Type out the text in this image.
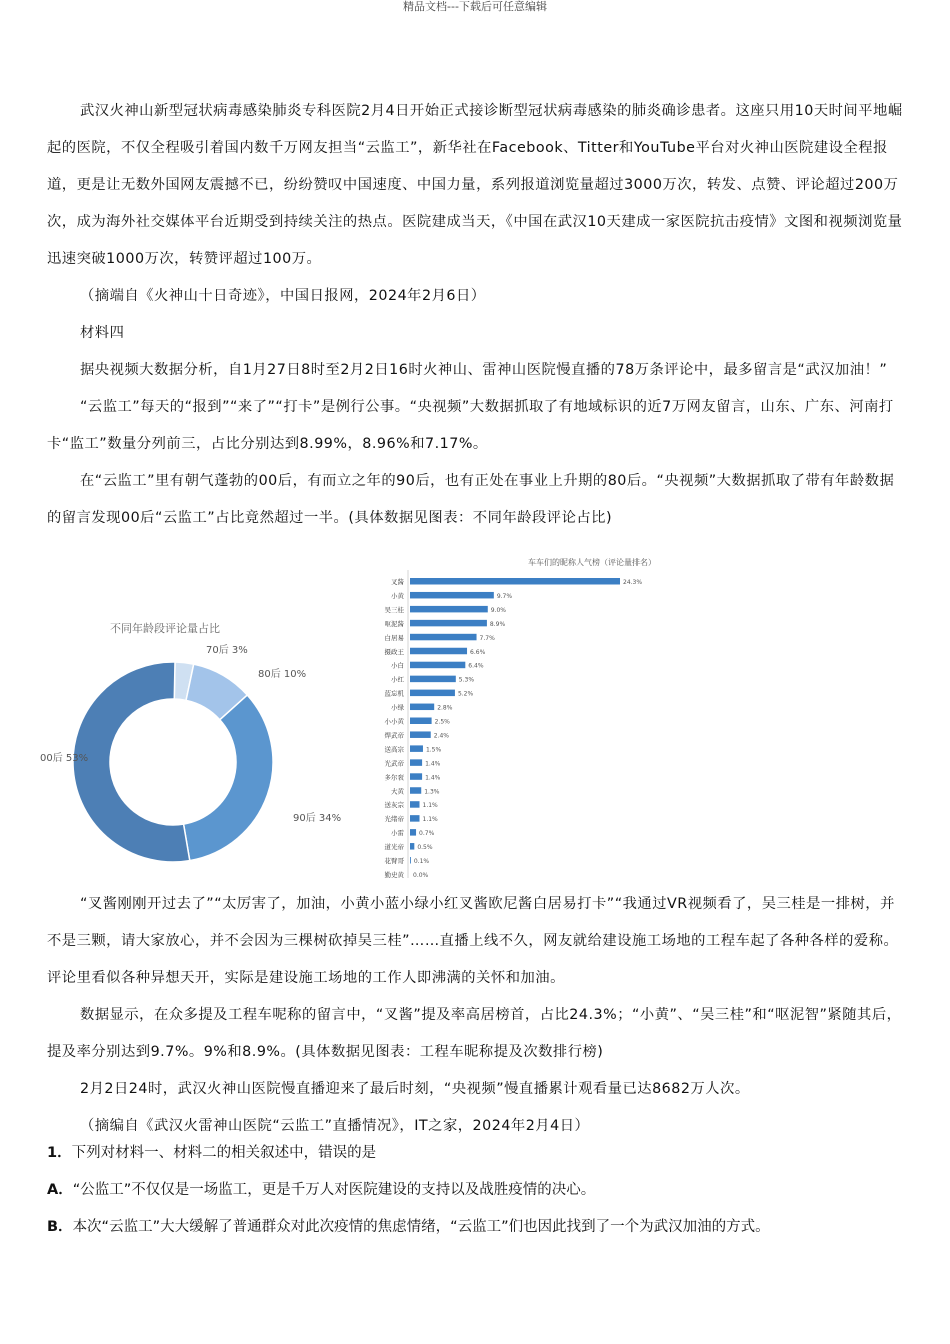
精品文档---下载后可任意编辑

武汉火神山新型冠状病毒感染肺炎专科医院2月4日开始正式接诊断型冠状病毒感染的肺炎确诊患者。这座只用10天时间平地崛起的医院，不仅全程吸引着国内数千万网友担当“云监工”，新华社在Facebook、Titter和YouTube平台对火神山医院建设全程报道，更是让无数外国网友震撼不已，纷纷赞叹中国速度、中国力量，系列报道浏览量超过3000万次，转发、点赞、评论超过200万次，成为海外社交媒体平台近期受到持续关注的热点。医院建成当天，《中国在武汉10天建成一家医院抗击疫情》文图和视频浏览量迅速突破1000万次，转赞评超过100万。

（摘端自《火神山十日奇迹》，中国日报网，2024年2月6日）

材料四

据央视频大数据分析，自1月27日8时至2月2日16时火神山、雷神山医院慢直播的78万条评论中，最多留言是“武汉加油！”

“云监工”每天的“报到”“来了”“打卡”是例行公事。“央视频”大数据抓取了有地域标识的近7万网友留言，山东、广东、河南打卡“监工”数量分列前三，占比分别达到8.99%，8.96%和7.17%。

在“云监工”里有朝气蓬勃的00后，有而立之年的90后，也有正处在事业上升期的80后。“央视频”大数据抓取了带有年龄数据的留言发现00后“云监工”占比竟然超过一半。(具体数据见图表：不同年龄段评论占比)

不同年龄段评论量占比
70后 3%
80后 10%
90后 34%
00后 53%
车车们的昵称人气榜（评论量排名）
叉酱	24.3%
小黄	9.7%
吴三桂	9.0%
呕泥酱	8.9%
白居易	7.7%
摄政王	6.6%
小白	6.4%
小红	5.3%
蓝忘机	5.2%
小绿	2.8%
小小黄	2.5%
焊武帝	2.4%
送高宗	1.5%
光武帝	1.4%
多尔衮	1.4%
大黄	1.3%
送灰宗	1.1%
光绪帝	1.1%
小雷	0.7%
道光帝 0.5%
花臂哥 0.1%
勤史黄 0.0%

“叉酱刚刚开过去了”“太厉害了，加油，小黄小蓝小绿小红叉酱欧尼酱白居易打卡”“我通过VR视频看了，吴三桂是一排树，并不是三颗，请大家放心，并不会因为三棵树砍掉吴三桂”……直播上线不久，网友就给建设施工场地的工程车起了各种各样的爱称。评论里看似各种异想天开，实际是建设施工场地的工作人即沸满的关怀和加油。

数据显示，在众多提及工程车呢称的留言中，“叉酱”提及率高居榜首，占比24.3%；“小黄”、“吴三桂”和“呕泥智”紧随其后，提及率分别达到9.7%。9%和8.9%。(具体数据见图表：工程车昵称提及次数排行榜)

2月2日24时，武汉火神山医院慢直播迎来了最后时刻，“央视频”慢直播累计观看量已达8682万人次。

（摘编自《武汉火雷神山医院“云监工”直播情况》，IT之家，2024年2月4日）

1．下列对材料一、材料二的相关叙述中，错误的是

A．“公监工”不仅仅是一场监工，更是千万人对医院建设的支持以及战胜疫情的决心。

B．本次“云监工”大大缓解了普通群众对此次疫情的焦虑情绪，“云监工”们也因此找到了一个为武汉加油的方式。
